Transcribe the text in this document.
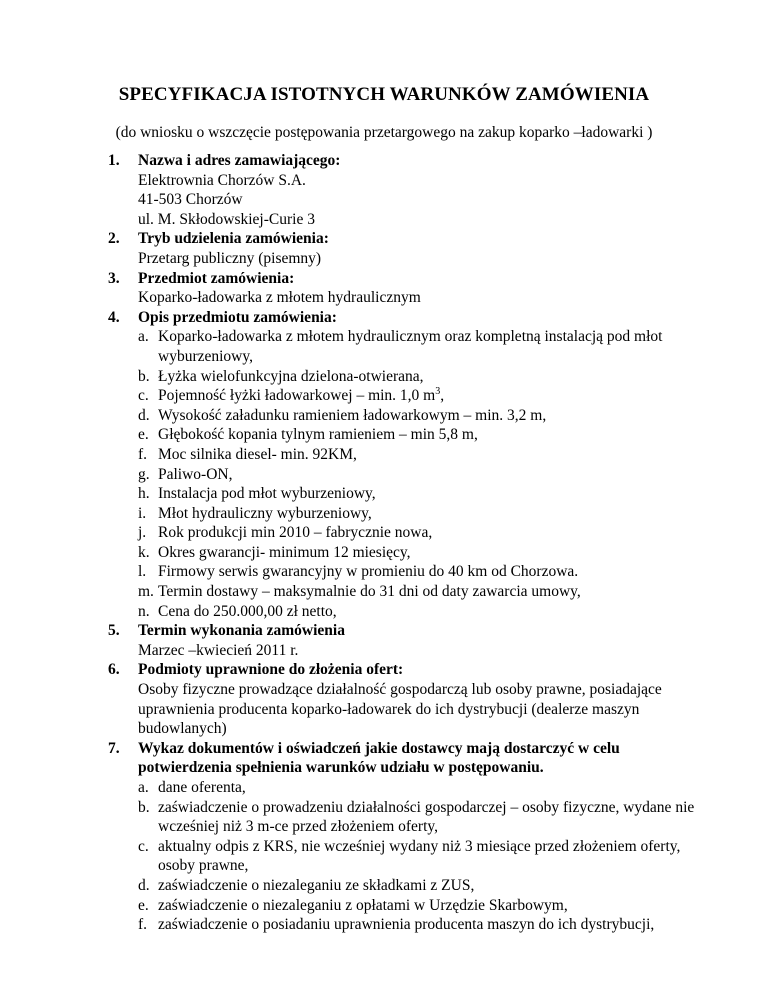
SPECYFIKACJA ISTOTNYCH WARUNKÓW ZAMÓWIENIA

(do wniosku o wszczęcie postępowania przetargowego na zakup koparko –ładowarki )

1. Nazwa i adres zamawiającego:
Elektrownia Chorzów S.A.
41-503 Chorzów
ul. M. Skłodowskiej-Curie 3
2. Tryb udzielenia zamówienia:
Przetarg publiczny (pisemny)
3. Przedmiot zamówienia:
Koparko-ładowarka z młotem hydraulicznym
4. Opis przedmiotu zamówienia:
a. Koparko-ładowarka z młotem hydraulicznym oraz kompletną instalacją pod młot wyburzeniowy,
b. Łyżka wielofunkcyjna dzielona-otwierana,
c. Pojemność łyżki ładowarkowej – min. 1,0 $m^3$,
d. Wysokość załadunku ramieniem ładowarkowym – min. 3,2 m,
e. Głębokość kopania tylnym ramieniem – min 5,8 m,
f. Moc silnika diesel- min. 92KM,
g. Paliwo-ON,
h. Instalacja pod młot wyburzeniowy,
i. Młot hydrauliczny wyburzeniowy,
j. Rok produkcji min 2010 – fabrycznie nowa,
k. Okres gwarancji- minimum 12 miesięcy,
l. Firmowy serwis gwarancyjny w promieniu do 40 km od Chorzowa.
m. Termin dostawy – maksymalnie do 31 dni od daty zawarcia umowy,
n. Cena do 250.000,00 zł netto,
5. Termin wykonania zamówienia
Marzec –kwiecień 2011 r.
6. Podmioty uprawnione do złożenia ofert:
Osoby fizyczne prowadzące działalność gospodarczą lub osoby prawne, posiadające uprawnienia producenta koparko-ładowarek do ich dystrybucji (dealerze maszyn budowlanych)
7. Wykaz dokumentów i oświadczeń jakie dostawcy mają dostarczyć w celu potwierdzenia spełnienia warunków udziału w postępowaniu.
a. dane oferenta,
b. zaświadczenie o prowadzeniu działalności gospodarczej – osoby fizyczne, wydane nie wcześniej niż 3 m-ce przed złożeniem oferty,
c. aktualny odpis z KRS, nie wcześniej wydany niż 3 miesiące przed złożeniem oferty, osoby prawne,
d. zaświadczenie o niezaleganiu ze składkami z ZUS,
e. zaświadczenie o niezaleganiu z opłatami w Urzędzie Skarbowym,
f. zaświadczenie o posiadaniu uprawnienia producenta maszyn do ich dystrybucji,
